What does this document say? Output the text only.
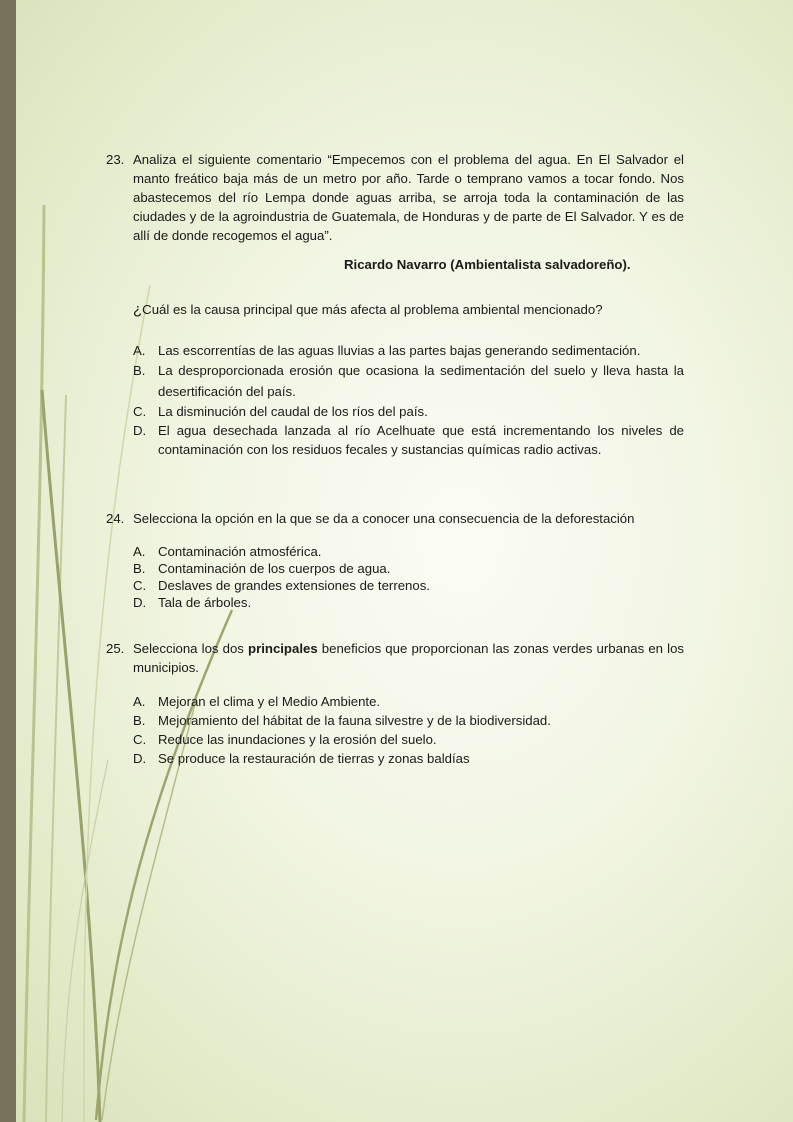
23. Analiza el siguiente comentario “Empecemos con el problema del agua. En El Salvador el manto freático baja más de un metro por año. Tarde o temprano vamos a tocar fondo. Nos abastecemos del río Lempa donde aguas arriba, se arroja toda la contaminación de las ciudades y de la agroindustria de Guatemala, de Honduras y de parte de El Salvador. Y es de allí de donde recogemos el agua”.
Ricardo Navarro (Ambientalista salvadoreño).
¿Cuál es la causa principal que más afecta al problema ambiental mencionado?
A. Las escorrentías de las aguas lluvias a las partes bajas generando sedimentación.
B. La desproporcionada erosión que ocasiona la sedimentación del suelo y lleva hasta la desertificación del país.
C. La disminución del caudal de los ríos del país.
D. El agua desechada lanzada al río Acelhuate que está incrementando los niveles de contaminación con los residuos fecales y sustancias químicas radio activas.
24. Selecciona la opción en la que se da a conocer una consecuencia de la deforestación
A. Contaminación atmosférica.
B. Contaminación de los cuerpos de agua.
C. Deslaves de grandes extensiones de terrenos.
D. Tala de árboles.
25. Selecciona los dos principales beneficios que proporcionan las zonas verdes urbanas en los municipios.
A. Mejoran el clima y el Medio Ambiente.
B. Mejoramiento del hábitat de la fauna silvestre y de la biodiversidad.
C. Reduce las inundaciones y la erosión del suelo.
D. Se produce la restauración de tierras y zonas baldías
